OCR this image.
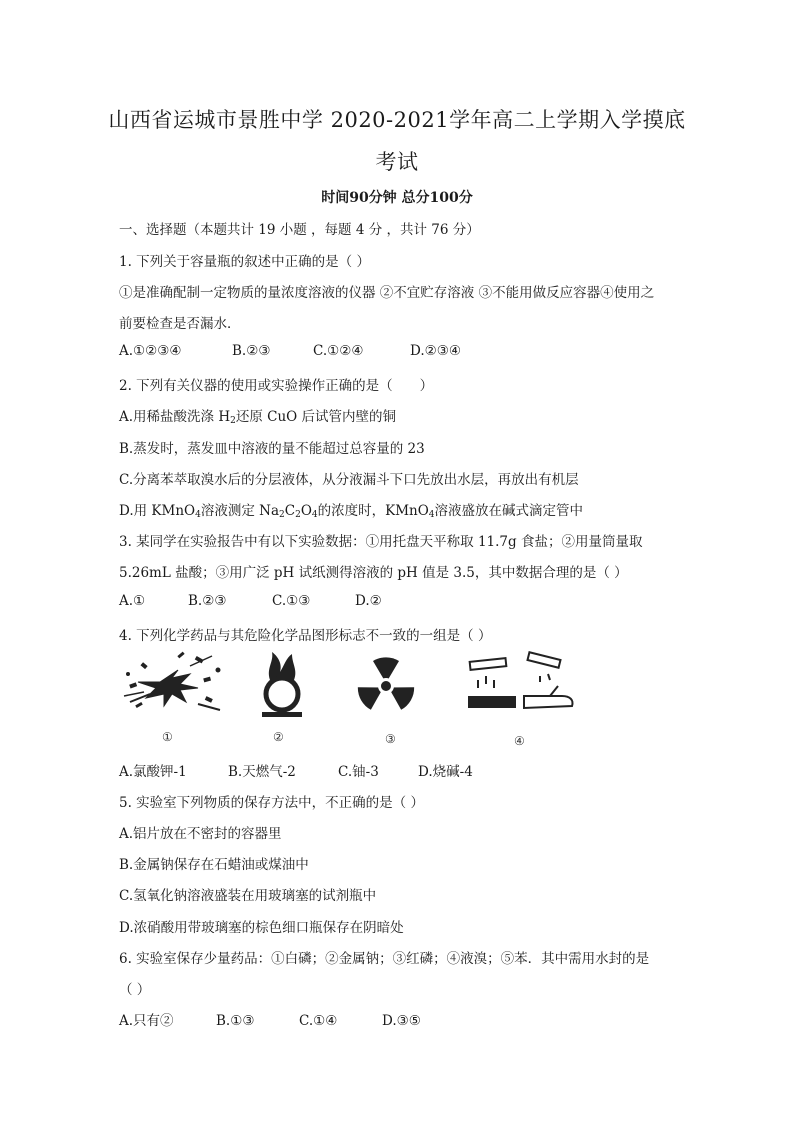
山西省运城市景胜中学 2020-2021学年高二上学期入学摸底
考试
时间90分钟 总分100分
一、选择题（本题共计 19 小题 ，每题 4 分 ，共计 76 分）
1. 下列关于容量瓶的叙述中正确的是（ ）
①是准确配制一定物质的量浓度溶液的仪器 ②不宜贮存溶液 ③不能用做反应容器④使用之
前要检查是否漏水．
A.①②③④	B.②③	C.①②④	D.②③④
2. 下列有关仪器的使用或实验操作正确的是（　　）
A.用稀盐酸洗涤 $H_2$还原 CuO 后试管内壁的铜
B.蒸发时，蒸发皿中溶液的量不能超过总容量的 23
C.分离苯萃取溴水后的分层液体，从分液漏斗下口先放出水层，再放出有机层
D.用 KMnO$_4$溶液测定 $Na_2C_2O_4$的浓度时，KMnO$_4$溶液盛放在碱式滴定管中
3. 某同学在实验报告中有以下实验数据：①用托盘天平称取 11.7g 食盐；②用量筒量取
5.26mL 盐酸；③用广泛 pH 试纸测得溶液的 pH 值是 3.5，其中数据合理的是（ ）
A.①	B.②③	C.①③	D.②
4. 下列化学药品与其危险化学品图形标志不一致的一组是（ ）
①	②	③	④
A.氯酸钾-1	B.天燃气-2	C.铀-3	D.烧碱-4
5. 实验室下列物质的保存方法中，不正确的是（ ）
A.铝片放在不密封的容器里
B.金属钠保存在石蜡油或煤油中
C.氢氧化钠溶液盛装在用玻璃塞的试剂瓶中
D.浓硝酸用带玻璃塞的棕色细口瓶保存在阴暗处
6. 实验室保存少量药品：①白磷；②金属钠；③红磷；④液溴；⑤苯．其中需用水封的是
（ ）
A.只有②	B.①③	C.①④	D.③⑤
